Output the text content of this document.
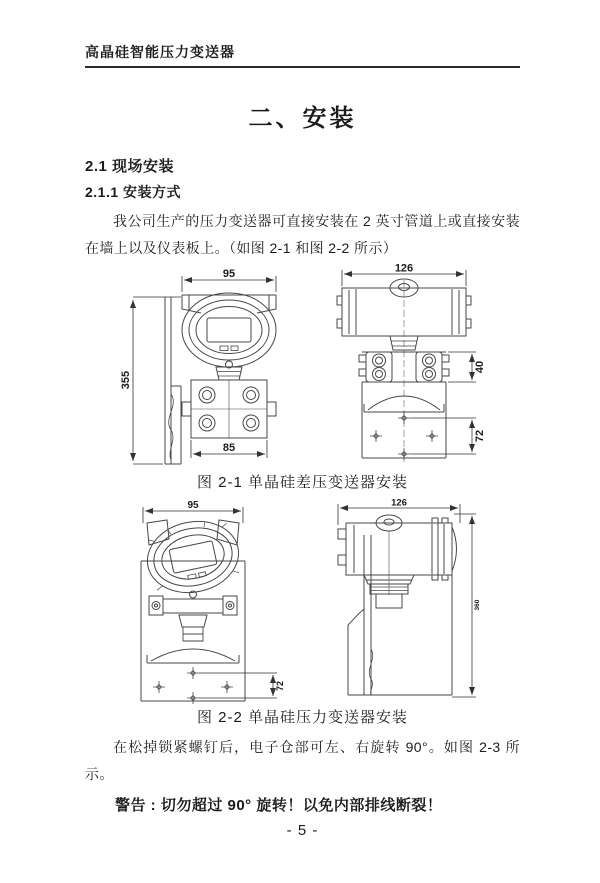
高晶硅智能压力变送器
二、安装
2.1 现场安装
2.1.1 安装方式

我公司生产的压力变送器可直接安装在 2 英寸管道上或直接安装在墙上以及仪表板上。（如图 2-1 和图 2-2 所示）

95
355
85
126
40
72
图 2-1 单晶硅差压变送器安装
95
72
126
360
图 2-2 单晶硅压力变送器安装

在松掉锁紧螺钉后，电子仓部可左、右旋转 90°。如图 2-3 所示。

警告 : 切勿超过 90° 旋转！以免内部排线断裂！

- 5 -
